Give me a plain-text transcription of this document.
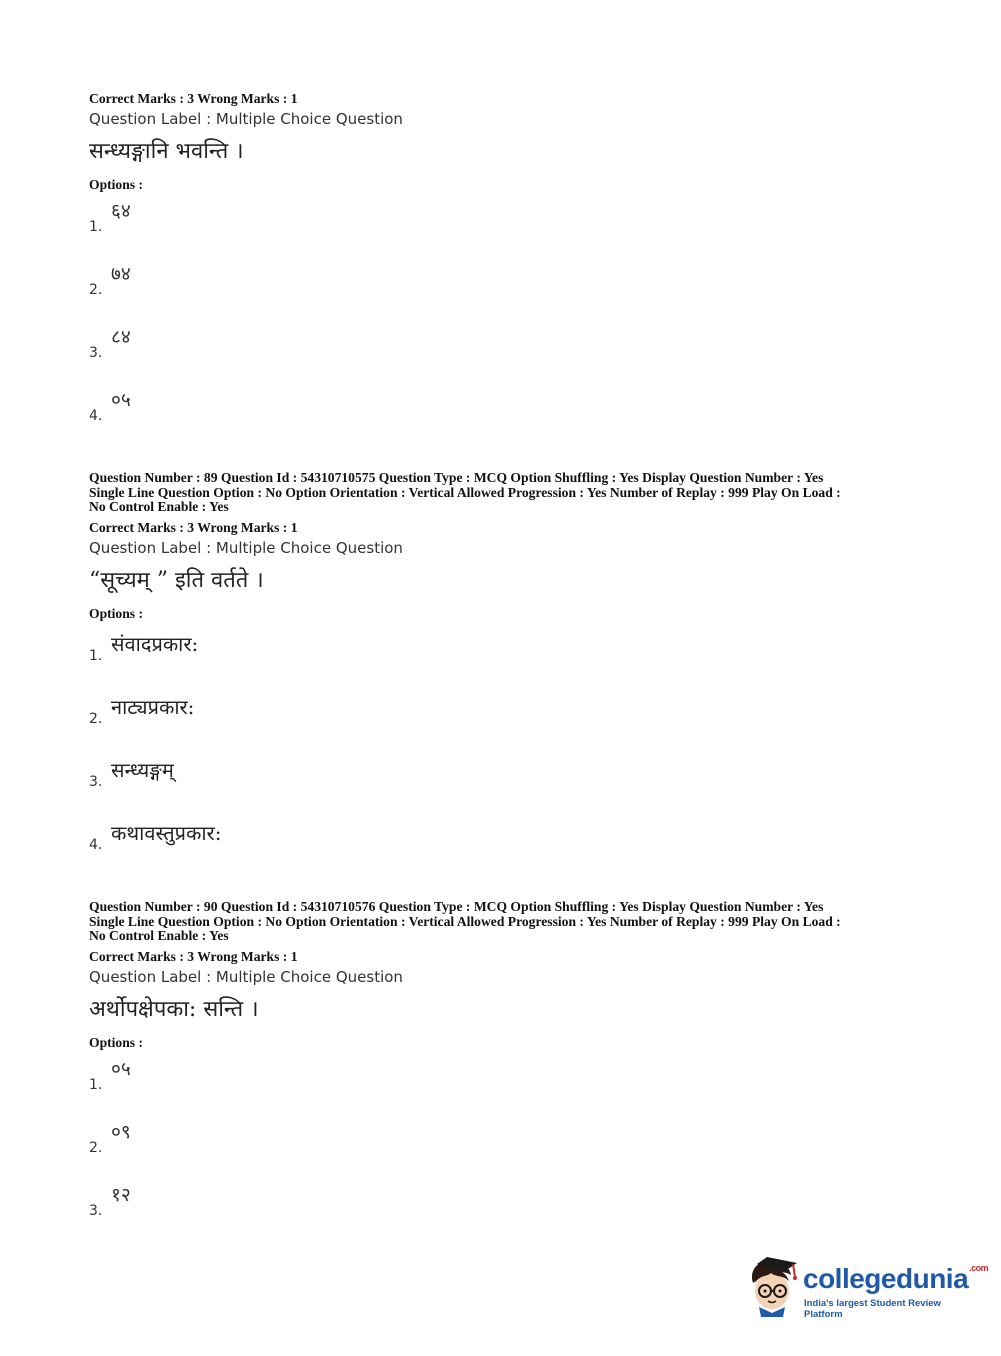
Correct Marks : 3 Wrong Marks : 1
Question Label : Multiple Choice Question
सन्ध्यङ्गानि भवन्ति ।
Options :
1.
६४
2.
७४
3.
८४
4.
०५
Question Number : 89 Question Id : 54310710575 Question Type : MCQ Option Shuffling : Yes Display Question Number : Yes
Single Line Question Option : No Option Orientation : Vertical Allowed Progression : Yes Number of Replay : 999 Play On Load :
No Control Enable : Yes
Correct Marks : 3 Wrong Marks : 1
Question Label : Multiple Choice Question
“सूच्यम् ” इति वर्तते ।
Options :
1. संवादप्रकार:
2. नाट्यप्रकार:
3. सन्ध्यङ्गम्
4. कथावस्तुप्रकार:
Question Number : 90 Question Id : 54310710576 Question Type : MCQ Option Shuffling : Yes Display Question Number : Yes
Single Line Question Option : No Option Orientation : Vertical Allowed Progression : Yes Number of Replay : 999 Play On Load :
No Control Enable : Yes
Correct Marks : 3 Wrong Marks : 1
Question Label : Multiple Choice Question
अर्थोपक्षेपका: सन्ति ।
Options :
1.
०५
2.
०९
3.
१२
collegedunia$^{.com}$
India's largest Student Review Platform
